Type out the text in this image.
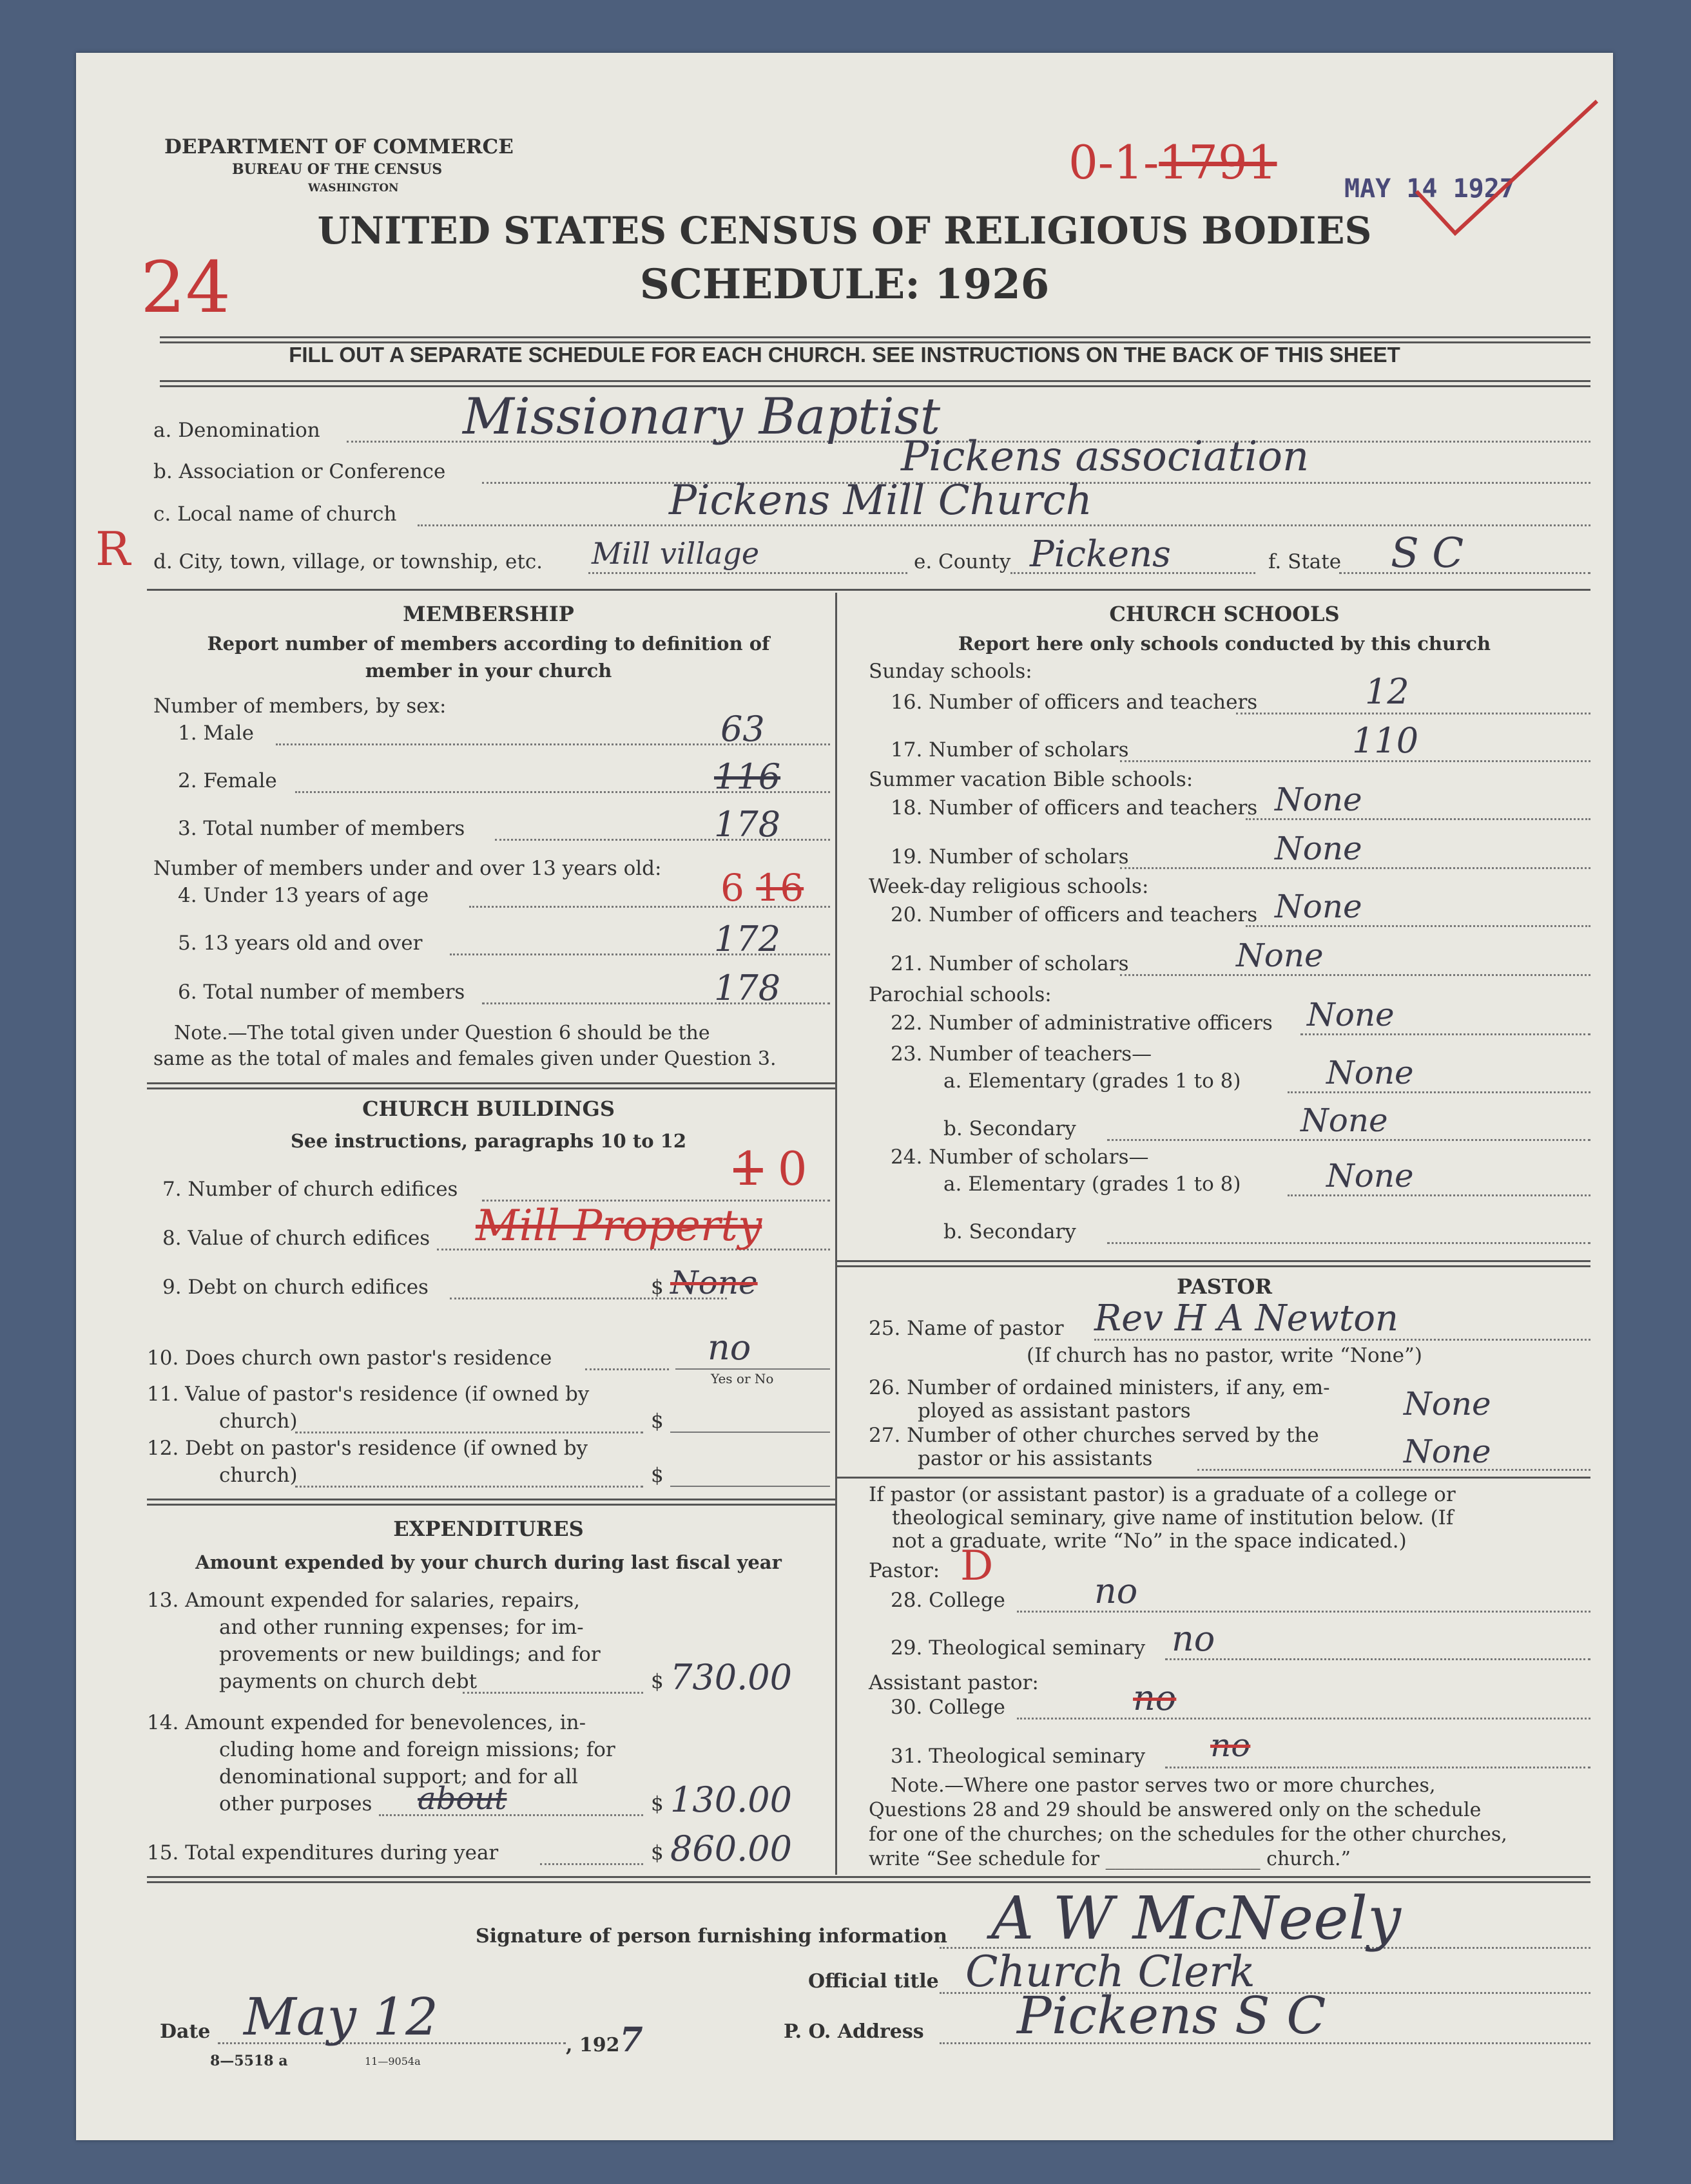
DEPARTMENT OF COMMERCE
BUREAU OF THE CENSUS
WASHINGTON	0-1-1791	MAY 14 1927
UNITED STATES CENSUS OF RELIGIOUS BODIES
SCHEDULE: 1926
24
FILL OUT A SEPARATE SCHEDULE FOR EACH CHURCH. SEE INSTRUCTIONS ON THE BACK OF THIS SHEET
a. Denomination	Missionary Baptist
b. Association or Conference	Pickens association
c. Local name of church	Pickens Mill Church
R d. City, town, village, or township, etc. Mill village	e. County Pickens	f. State S C
MEMBERSHIP
Report number of members according to definition of
member in your church
Number of members, by sex:
1. Male	63
2. Female	116
3. Total number of members	178
Number of members under and over 13 years old:
4. Under 13 years of age	6 16
5. 13 years old and over	172
6. Total number of members	178
Note.—The total given under Question 6 should be the
same as the total of males and females given under Question 3.
CHURCH BUILDINGS
See instructions, paragraphs 10 to 12
7. Number of church edifices	1 0
8. Value of church edifices Mill Property
9. Debt on church edifices	$ None
10. Does church own pastor's residence	no
Yes or No
11. Value of pastor's residence (if owned by
church)	$
12. Debt on pastor's residence (if owned by
church)	$
EXPENDITURES
Amount expended by your church during last fiscal year
13. Amount expended for salaries, repairs,
and other running expenses; for im-
provements or new buildings; and for
payments on church debt	$ 730.00
14. Amount expended for benevolences, in-
cluding home and foreign missions; for
denominational support; and for all
other purposes about	$ 130.00
15. Total expenditures during year	$ 860.00
CHURCH SCHOOLS
Report here only schools conducted by this church
Sunday schools:
16. Number of officers and teachers	12
17. Number of scholars	110
Summer vacation Bible schools:
18. Number of officers and teachers None
19. Number of scholars	None
Week-day religious schools:
20. Number of officers and teachers None
21. Number of scholars	None
Parochial schools:
22. Number of administrative officers None
23. Number of teachers—
a. Elementary (grades 1 to 8)	None
b. Secondary	None
24. Number of scholars—
a. Elementary (grades 1 to 8)	None
b. Secondary
PASTOR
25. Name of pastor Rev H A Newton
(If church has no pastor, write “None”)
26. Number of ordained ministers, if any, em-
ployed as assistant pastors	None
27. Number of other churches served by the
pastor or his assistants	None
If pastor (or assistant pastor) is a graduate of a college or
theological seminary, give name of institution below. (If
not a graduate, write “No” in the space indicated.)
Pastor: D
28. College	no
29. Theological seminary no
Assistant pastor:
30. College	no
31. Theological seminary no
Note.—Where one pastor serves two or more churches,
Questions 28 and 29 should be answered only on the schedule
for one of the churches; on the schedules for the other churches,
write “See schedule for ________________ church.”
Signature of person furnishing information A W McNeely
Official title Church Clerk
Date May 12	, 1927	P. O. Address Pickens S C
8—5518 a	11—9054a
